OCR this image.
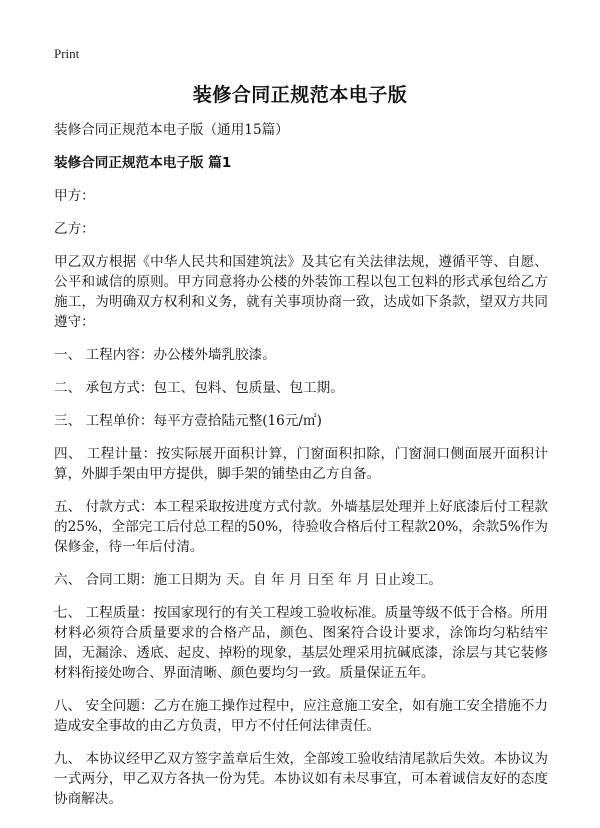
Print
装修合同正规范本电子版

装修合同正规范本电子版（通用15篇）

装修合同正规范本电子版 篇1

甲方：

乙方：

甲乙双方根据《中华人民共和国建筑法》及其它有关法律法规，遵循平等、自愿、公平和诚信的原则。甲方同意将办公楼的外装饰工程以包工包料的形式承包给乙方施工，为明确双方权利和义务，就有关事项协商一致，达成如下条款，望双方共同遵守：

一、 工程内容：办公楼外墙乳胶漆。

二、 承包方式：包工、包料、包质量、包工期。

三、 工程单价：每平方壹拾陆元整(16元/㎡)

四、 工程计量：按实际展开面积计算，门窗面积扣除，门窗洞口侧面展开面积计算，外脚手架由甲方提供，脚手架的铺垫由乙方自备。

五、 付款方式：本工程采取按进度方式付款。外墙基层处理并上好底漆后付工程款的25%，全部完工后付总工程的50%，待验收合格后付工程款20%，余款5%作为保修金，待一年后付清。

六、 合同工期：施工日期为 天。自 年 月 日至 年 月 日止竣工。

七、 工程质量：按国家现行的有关工程竣工验收标准。质量等级不低于合格。所用材料必须符合质量要求的合格产品，颜色、图案符合设计要求，涂饰均匀粘结牢固，无漏涂、透底、起皮、掉粉的现象，基层处理采用抗碱底漆，涂层与其它装修材料衔接处吻合、界面清晰、颜色要均匀一致。质量保证五年。

八、 安全问题：乙方在施工操作过程中，应注意施工安全，如有施工安全措施不力造成安全事故的由乙方负责，甲方不付任何法律责任。

九、 本协议经甲乙双方签字盖章后生效，全部竣工验收结清尾款后失效。本协议为一式两分，甲乙双方各执一份为凭。本协议如有未尽事宜，可本着诚信友好的态度协商解决。
